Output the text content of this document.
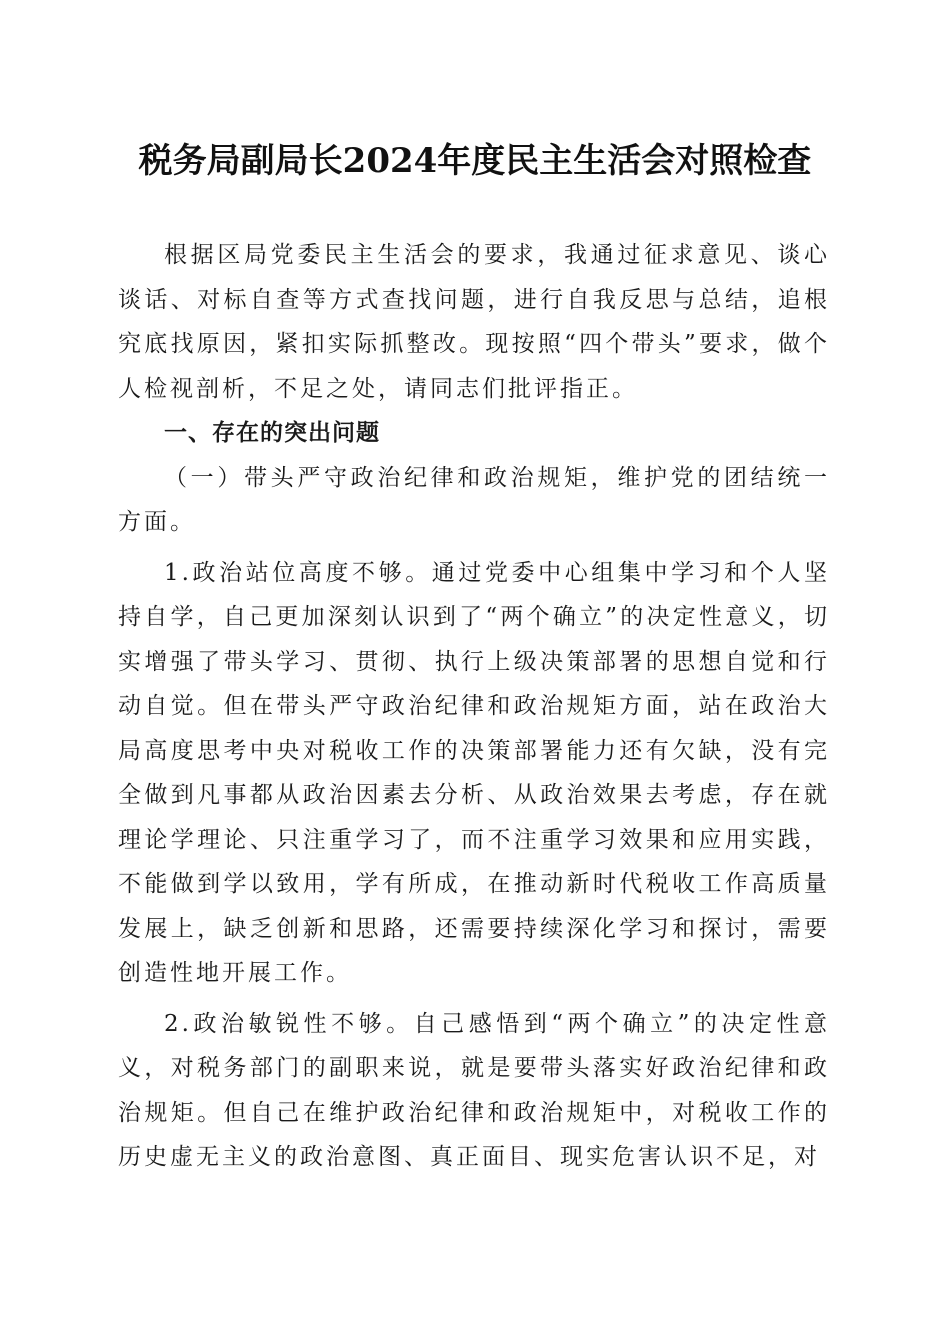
税务局副局长2024年度民主生活会对照检查

根据区局党委民主生活会的要求，我通过征求意见、谈心谈话、对标自查等方式查找问题，进行自我反思与总结，追根究底找原因，紧扣实际抓整改。现按照“四个带头”要求，做个人检视剖析，不足之处，请同志们批评指正。

一、存在的突出问题

（一）带头严守政治纪律和政治规矩，维护党的团结统一方面。

1.政治站位高度不够。通过党委中心组集中学习和个人坚持自学，自己更加深刻认识到了“两个确立”的决定性意义，切实增强了带头学习、贯彻、执行上级决策部署的思想自觉和行动自觉。但在带头严守政治纪律和政治规矩方面，站在政治大局高度思考中央对税收工作的决策部署能力还有欠缺，没有完全做到凡事都从政治因素去分析、从政治效果去考虑，存在就理论学理论、只注重学习了，而不注重学习效果和应用实践，不能做到学以致用，学有所成，在推动新时代税收工作高质量发展上，缺乏创新和思路，还需要持续深化学习和探讨，需要创造性地开展工作。

2.政治敏锐性不够。自己感悟到“两个确立”的决定性意义，对税务部门的副职来说，就是要带头落实好政治纪律和政治规矩。但自己在维护政治纪律和政治规矩中，对税收工作的历史虚无主义的政治意图、真正面目、现实危害认识不足，对
